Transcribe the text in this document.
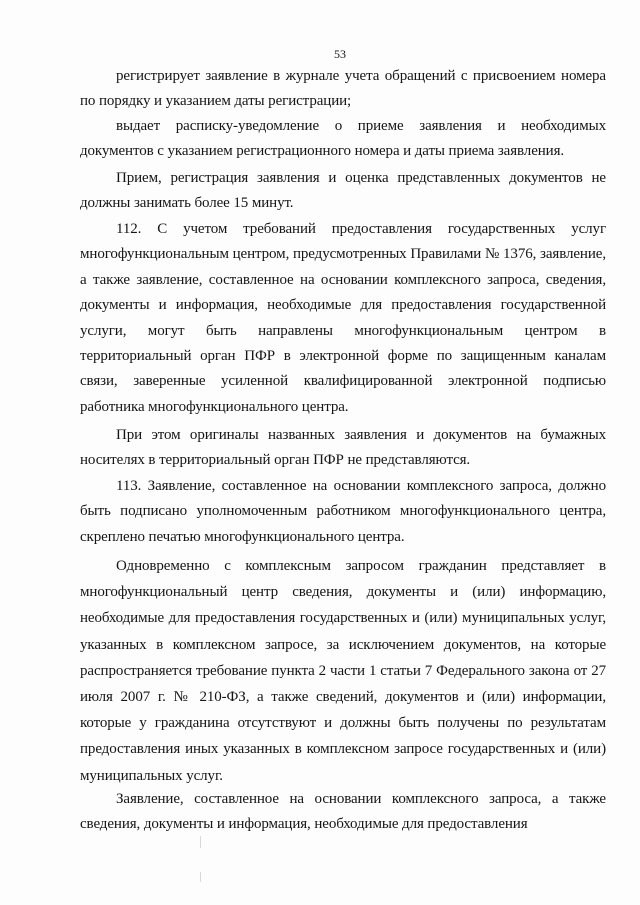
53

регистрирует заявление в журнале учета обращений с присвоением номера по порядку и указанием даты регистрации;

выдает расписку-уведомление о приеме заявления и необходимых документов с указанием регистрационного номера и даты приема заявления.

Прием, регистрация заявления и оценка представленных документов не должны занимать более 15 минут.

112. С учетом требований предоставления государственных услуг многофункциональным центром, предусмотренных Правилами № 1376, заявление, а также заявление, составленное на основании комплексного запроса, сведения, документы и информация, необходимые для предоставления государственной услуги, могут быть направлены многофункциональным центром в территориальный орган ПФР в электронной форме по защищенным каналам связи, заверенные усиленной квалифицированной электронной подписью работника многофункционального центра.

При этом оригиналы названных заявления и документов на бумажных носителях в территориальный орган ПФР не представляются.

113. Заявление, составленное на основании комплексного запроса, должно быть подписано уполномоченным работником многофункционального центра, скреплено печатью многофункционального центра.

Одновременно с комплексным запросом гражданин представляет в многофункциональный центр сведения, документы и (или) информацию, необходимые для предоставления государственных и (или) муниципальных услуг, указанных в комплексном запросе, за исключением документов, на которые распространяется требование пункта 2 части 1 статьи 7 Федерального закона от 27 июля 2007 г. № 210-ФЗ, а также сведений, документов и (или) информации, которые у гражданина отсутствуют и должны быть получены по результатам предоставления иных указанных в комплексном запросе государственных и (или) муниципальных услуг.

Заявление, составленное на основании комплексного запроса, а также сведения, документы и информация, необходимые для предоставления
